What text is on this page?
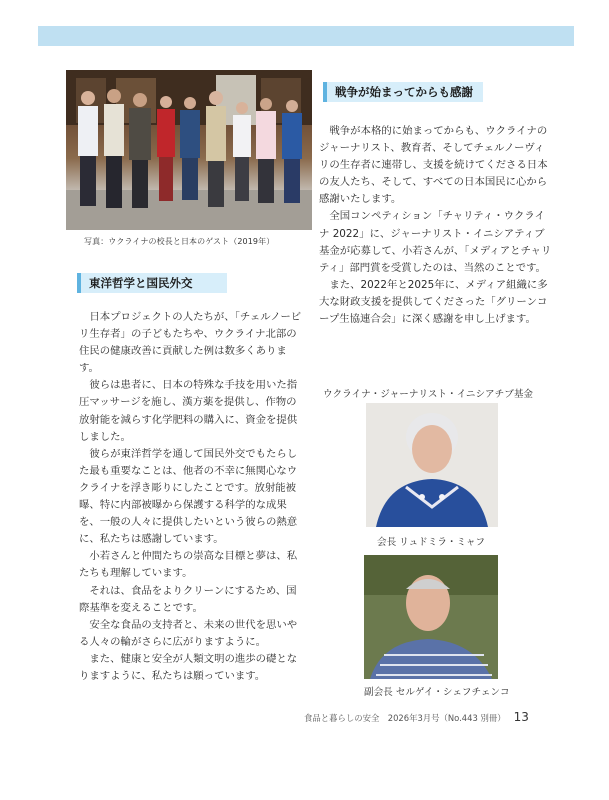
写真：ウクライナの校長と日本のゲスト（2019年）
東洋哲学と国民外交

日本プロジェクトの人たちが、「チェルノービリ生存者」の子どもたちや、ウクライナ北部の住民の健康改善に貢献した例は数多くあります。

彼らは患者に、日本の特殊な手技を用いた指圧マッサージを施し、漢方薬を提供し、作物の放射能を減らす化学肥料の購入に、資金を提供しました。

彼らが東洋哲学を通して国民外交でもたらした最も重要なことは、他者の不幸に無関心なウクライナを浮き彫りにしたことです。放射能被曝、特に内部被曝から保護する科学的な成果を、一般の人々に提供したいという彼らの熱意に、私たちは感謝しています。

小若さんと仲間たちの崇高な目標と夢は、私たちも理解しています。

それは、食品をよりクリーンにするため、国際基準を変えることです。

安全な食品の支持者と、未来の世代を思いやる人々の輪がさらに広がりますように。

また、健康と安全が人類文明の進歩の礎となりますように、私たちは願っています。

戦争が始まってからも感謝

戦争が本格的に始まってからも、ウクライナのジャーナリスト、教育者、そしてチェルノーヴィリの生存者に連帯し、支援を続けてくださる日本の友人たち、そして、すべての日本国民に心から感謝いたします。

全国コンペティション「チャリティ・ウクライナ 2022」に、ジャーナリスト・イニシアティブ基金が応募して、小若さんが、「メディアとチャリティ」部門賞を受賞したのは、当然のことです。

また、2022年と2025年に、メディア組織に多大な財政支援を提供してくださった「グリーンコープ生協連合会」に深く感謝を申し上げます。

ウクライナ・ジャーナリスト・イニシアチブ基金
会長 リュドミラ・ミャフ
副会長 セルゲイ・シェフチェンコ
食品と暮らしの安全　2026年3月号（No.443 別冊） 13
